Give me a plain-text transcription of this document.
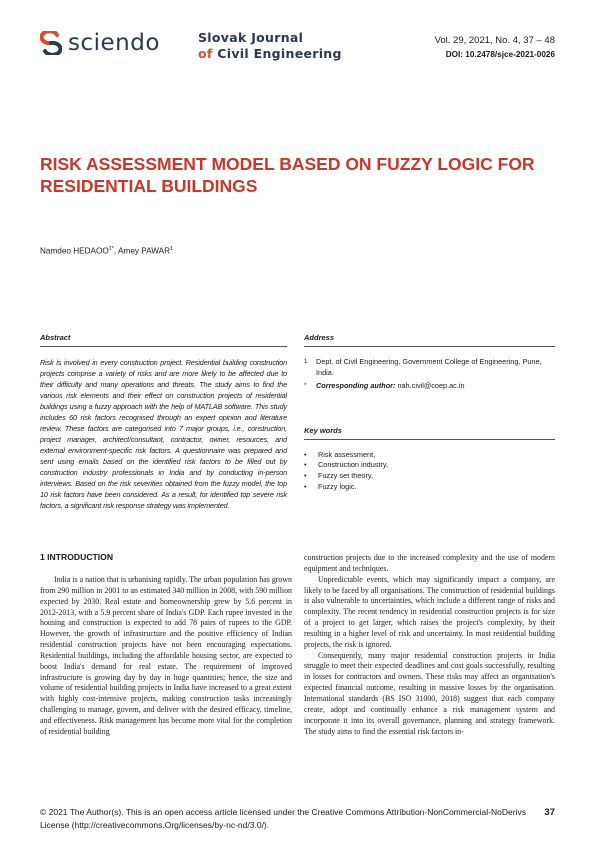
sciendo	Slovak Journal
of Civil Engineering
Vol. 29, 2021, No. 4, 37 – 48
DOI: 10.2478/sjce-2021-0026
RISK ASSESSMENT MODEL BASED ON FUZZY LOGIC FOR RESIDENTIAL BUILDINGS
Namdeo $HEDAOO^{1*}$, Amey PAWAR$^1$
Abstract

Risk is involved in every construction project. Residential building construction projects comprise a variety of risks and are more likely to be affected due to their difficulty and many operations and threats. The study aims to find the various risk elements and their effect on construction projects of residential buildings using a fuzzy approach with the help of MATLAB software. This study includes 60 risk factors recognised through an expert opinion and literature review. These factors are categorised into 7 major groups, i.e., construction, project manager, architect/consultant, contractor, owner, resources, and external environment-specific risk factors. A questionnaire was prepared and sent using emails based on the identified risk factors to be filled out by construction industry professionals in India and by conducting in-person interviews. Based on the risk severities obtained from the fuzzy model, the top 10 risk factors have been considered. As a result, for identified top severe risk factors, a significant risk response strategy was implemented.

Address
1	Dept. of Civil Engineering, Government College of Engineering, Pune, India.
*	Corresponding author: nah.civil@coep.ac.in
Key words
•	Risk assessment,
•	Construction industry,
•	Fuzzy set theory,
•	Fuzzy logic.
1 INTRODUCTION

India is a nation that is urbanising rapidly. The urban population has grown from 290 million in 2001 to an estimated 340 million in 2008, with 590 million expected by 2030. Real estate and homeownership grew by 5.6 percent in 2012-2013, with a 5.9 percent share of India's GDP. Each rupee invested in the housing and construction is expected to add 78 pairs of rupees to the GDP. However, the growth of infrastructure and the positive efficiency of Indian residential construction projects have not been encouraging expectations. Residential buildings, including the affordable housing sector, are expected to boost India's demand for real estate. The requirement of improved infrastructure is growing day by day in huge quantities; hence, the size and volume of residential building projects in India have increased to a great extent with highly cost-intensive projects, making construction tasks increasingly challenging to manage, govern, and deliver with the desired efficacy, timeline, and effectiveness. Risk management has become more vital for the completion of residential building

construction projects due to the increased complexity and the use of modern equipment and techniques.

Unpredictable events, which may significantly impact a company, are likely to be faced by all organisations. The construction of residential buildings is also vulnerable to uncertainties, which include a different range of risks and complexity. The recent tendency in residential construction projects is for size of a project to get larger, which raises the project's complexity, by their resulting in a higher level of risk and uncertainty. In most residential building projects, the risk is ignored.

Consequently, many major residential construction projects in India struggle to meet their expected deadlines and cost goals successfully, resulting in losses for contractors and owners. These risks may affect an organisation's expected financial outcome, resulting in massive losses by the organisation. International standards (BS ISO 31000, 2018) suggest that each company create, adopt and continually enhance a risk management system and incorporate it into its overall governance, planning and strategy framework. The study aims to find the essential risk factors in-

© 2021 The Author(s). This is an open access article licensed under the Creative Commons Attribution-NonCommercial-NoDerivs License (http://creativecommons.Org/licenses/by-nc-nd/3.0/).
37
